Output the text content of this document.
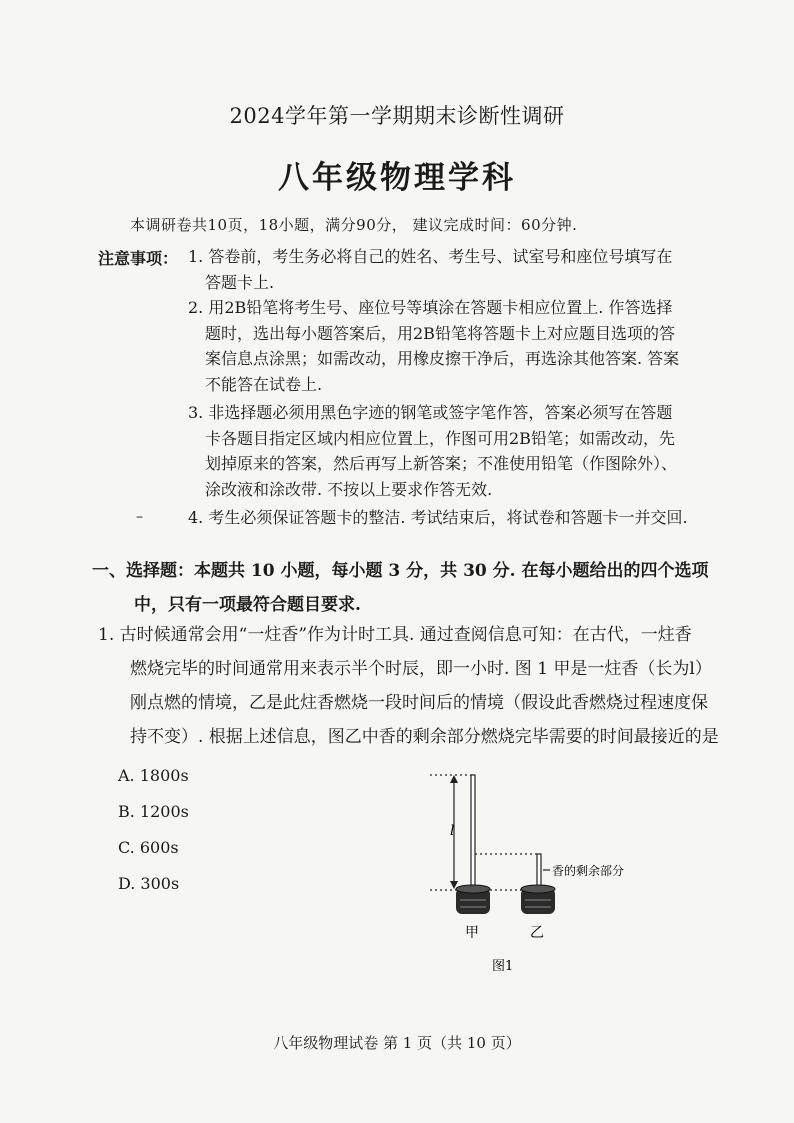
2024学年第一学期期末诊断性调研
八年级物理学科
本调研卷共10页，18小题，满分90分， 建议完成时间：60分钟.
注意事项： 1. 答卷前，考生务必将自己的姓名、考生号、试室号和座位号填写在
答题卡上.
2. 用2B铅笔将考生号、座位号等填涂在答题卡相应位置上. 作答选择
题时，选出每小题答案后，用2B铅笔将答题卡上对应题目选项的答
案信息点涂黑；如需改动，用橡皮擦干净后，再选涂其他答案. 答案
不能答在试卷上.
3. 非选择题必须用黑色字迹的钢笔或签字笔作答，答案必须写在答题
卡各题目指定区域内相应位置上，作图可用2B铅笔；如需改动，先
划掉原来的答案，然后再写上新答案；不准使用铅笔（作图除外）、
涂改液和涂改带. 不按以上要求作答无效.
4. 考生必须保证答题卡的整洁. 考试结束后，将试卷和答题卡一并交回.
–
一、选择题：本题共 10 小题，每小题 3 分，共 30 分. 在每小题给出的四个选项
中，只有一项最符合题目要求.
1. 古时候通常会用“一炷香”作为计时工具. 通过查阅信息可知：在古代，一炷香
燃烧完毕的时间通常用来表示半个时辰，即一小时. 图 1 甲是一炷香（长为l）
刚点燃的情境，乙是此炷香燃烧一段时间后的情境（假设此香燃烧过程速度保
持不变）. 根据上述信息，图乙中香的剩余部分燃烧完毕需要的时间最接近的是
A. 1800s
B. 1200s
C. 600s
D. 300s
l
香的剩余部分
甲	乙
图1
八年级物理试卷 第 1 页（共 10 页）
